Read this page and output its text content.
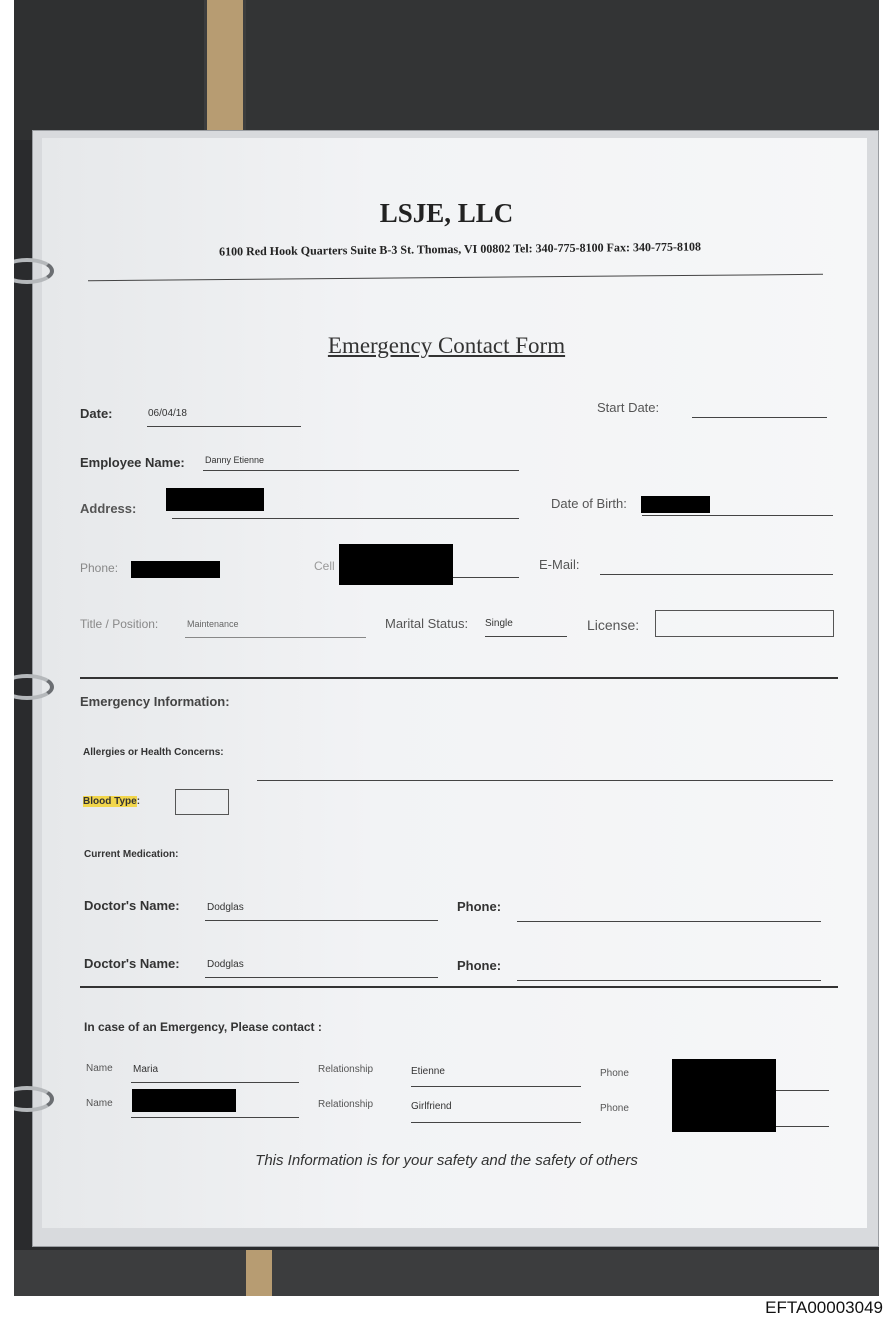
LSJE, LLC
6100 Red Hook Quarters Suite B-3 St. Thomas, VI 00802 Tel: 340-775-8100 Fax: 340-775-8108
Emergency Contact Form
Date:	06/04/18	Start Date:
Employee Name: Danny Etienne
Address:	Date of Birth:
Phone:	Cell	E-Mail:
Title / Position:	Maintenance	Marital Status: Single	License:
Emergency Information:
Allergies or Health Concerns:
Blood Type:
Current Medication:
Doctor's Name:	Dodglas	Phone:
Doctor's Name:	Dodglas	Phone:
In case of an Emergency, Please contact :
Name Maria	Relationship	Etienne	Phone
Name	Relationship	Girlfriend	Phone
This Information is for your safety and the safety of others
EFTA00003049
